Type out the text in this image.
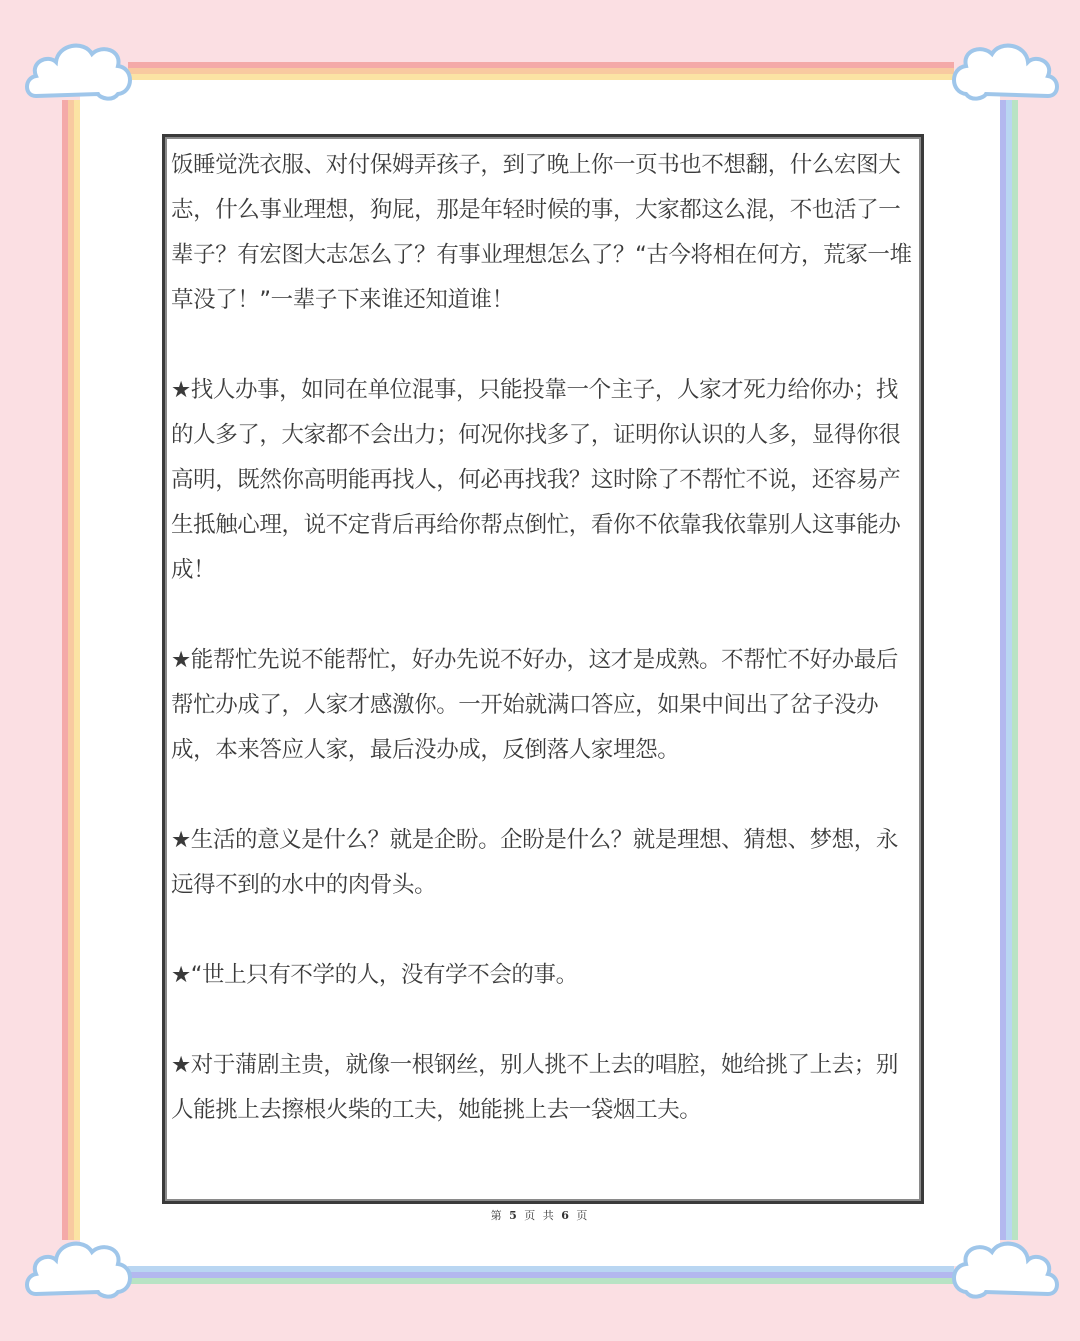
饭睡觉洗衣服、对付保姆弄孩子，到了晚上你一页书也不想翻，什么宏图大志，什么事业理想，狗屁，那是年轻时候的事，大家都这么混，不也活了一辈子？有宏图大志怎么了？有事业理想怎么了？“古今将相在何方，荒冢一堆草没了！”一辈子下来谁还知道谁！

★找人办事，如同在单位混事，只能投靠一个主子，人家才死力给你办；找的人多了，大家都不会出力；何况你找多了，证明你认识的人多，显得你很高明，既然你高明能再找人，何必再找我？这时除了不帮忙不说，还容易产生抵触心理，说不定背后再给你帮点倒忙，看你不依靠我依靠别人这事能办成！

★能帮忙先说不能帮忙，好办先说不好办，这才是成熟。不帮忙不好办最后帮忙办成了，人家才感激你。一开始就满口答应，如果中间出了岔子没办成，本来答应人家，最后没办成，反倒落人家埋怨。

★生活的意义是什么？就是企盼。企盼是什么？就是理想、猜想、梦想，永远得不到的水中的肉骨头。

★“世上只有不学的人，没有学不会的事。

★对于蒲剧主贵，就像一根钢丝，别人挑不上去的唱腔，她给挑了上去；别人能挑上去擦根火柴的工夫，她能挑上去一袋烟工夫。

第 5 页 共 6 页
